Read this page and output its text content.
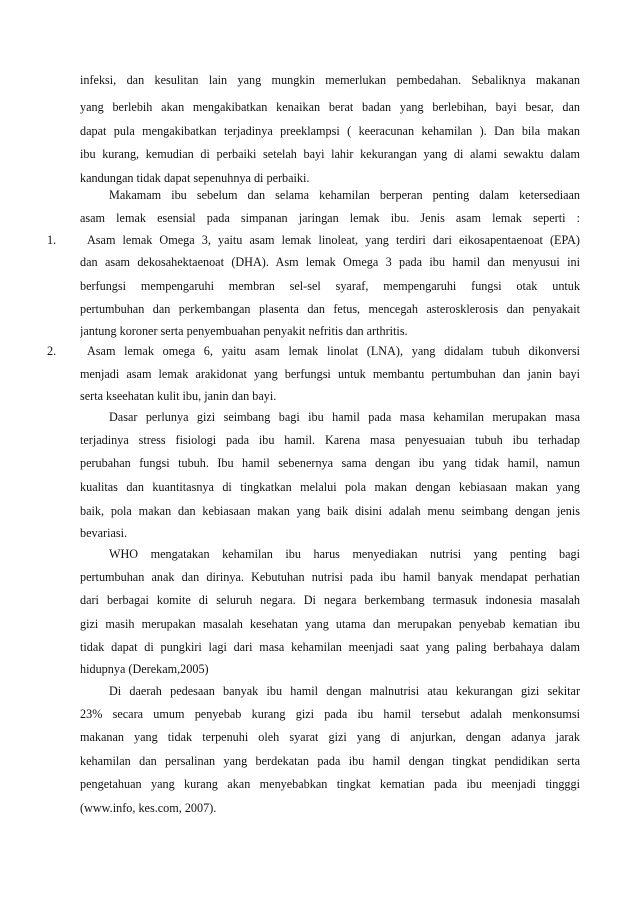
infeksi, dan kesulitan lain yang mungkin memerlukan pembedahan. Sebaliknya makanan
yang berlebih akan mengakibatkan kenaikan berat badan yang berlebihan, bayi besar, dan
dapat pula mengakibatkan terjadinya preeklampsi ( keeracunan kehamilan ). Dan bila makan
ibu kurang, kemudian di perbaiki setelah bayi lahir kekurangan yang di alami sewaktu dalam
kandungan tidak dapat sepenuhnya di perbaiki.
Makamam ibu sebelum dan selama kehamilan berperan penting dalam ketersediaan
asam lemak esensial pada simpanan jaringan lemak ibu. Jenis asam lemak seperti :
1.	Asam lemak Omega 3, yaitu asam lemak linoleat, yang terdiri dari eikosapentaenoat (EPA)
dan asam dekosahektaenoat (DHA). Asm lemak Omega 3 pada ibu hamil dan menyusui ini
berfungsi mempengaruhi membran sel-sel syaraf, mempengaruhi fungsi otak untuk
pertumbuhan dan perkembangan plasenta dan fetus, mencegah asterosklerosis dan penyakait
jantung koroner serta penyembuahan penyakit nefritis dan arthritis.
2.	Asam lemak omega 6, yaitu asam lemak linolat (LNA), yang didalam tubuh dikonversi
menjadi asam lemak arakidonat yang berfungsi untuk membantu pertumbuhan dan janin bayi
serta kseehatan kulit ibu, janin dan bayi.
Dasar perlunya gizi seimbang bagi ibu hamil pada masa kehamilan merupakan masa
terjadinya stress fisiologi pada ibu hamil. Karena masa penyesuaian tubuh ibu terhadap
perubahan fungsi tubuh. Ibu hamil sebenernya sama dengan ibu yang tidak hamil, namun
kualitas dan kuantitasnya di tingkatkan melalui pola makan dengan kebiasaan makan yang
baik, pola makan dan kebiasaan makan yang baik disini adalah menu seimbang dengan jenis
bevariasi.
WHO mengatakan kehamilan ibu harus menyediakan nutrisi yang penting bagi
pertumbuhan anak dan dirinya. Kebutuhan nutrisi pada ibu hamil banyak mendapat perhatian
dari berbagai komite di seluruh negara. Di negara berkembang termasuk indonesia masalah
gizi masih merupakan masalah kesehatan yang utama dan merupakan penyebab kematian ibu
tidak dapat di pungkiri lagi dari masa kehamilan meenjadi saat yang paling berbahaya dalam
hidupnya (Derekam,2005)
Di daerah pedesaan banyak ibu hamil dengan malnutrisi atau kekurangan gizi sekitar
23% secara umum penyebab kurang gizi pada ibu hamil tersebut adalah menkonsumsi
makanan yang tidak terpenuhi oleh syarat gizi yang di anjurkan, dengan adanya jarak
kehamilan dan persalinan yang berdekatan pada ibu hamil dengan tingkat pendidikan serta
pengetahuan yang kurang akan menyebabkan tingkat kematian pada ibu meenjadi tingggi
(www.info, kes.com, 2007).
